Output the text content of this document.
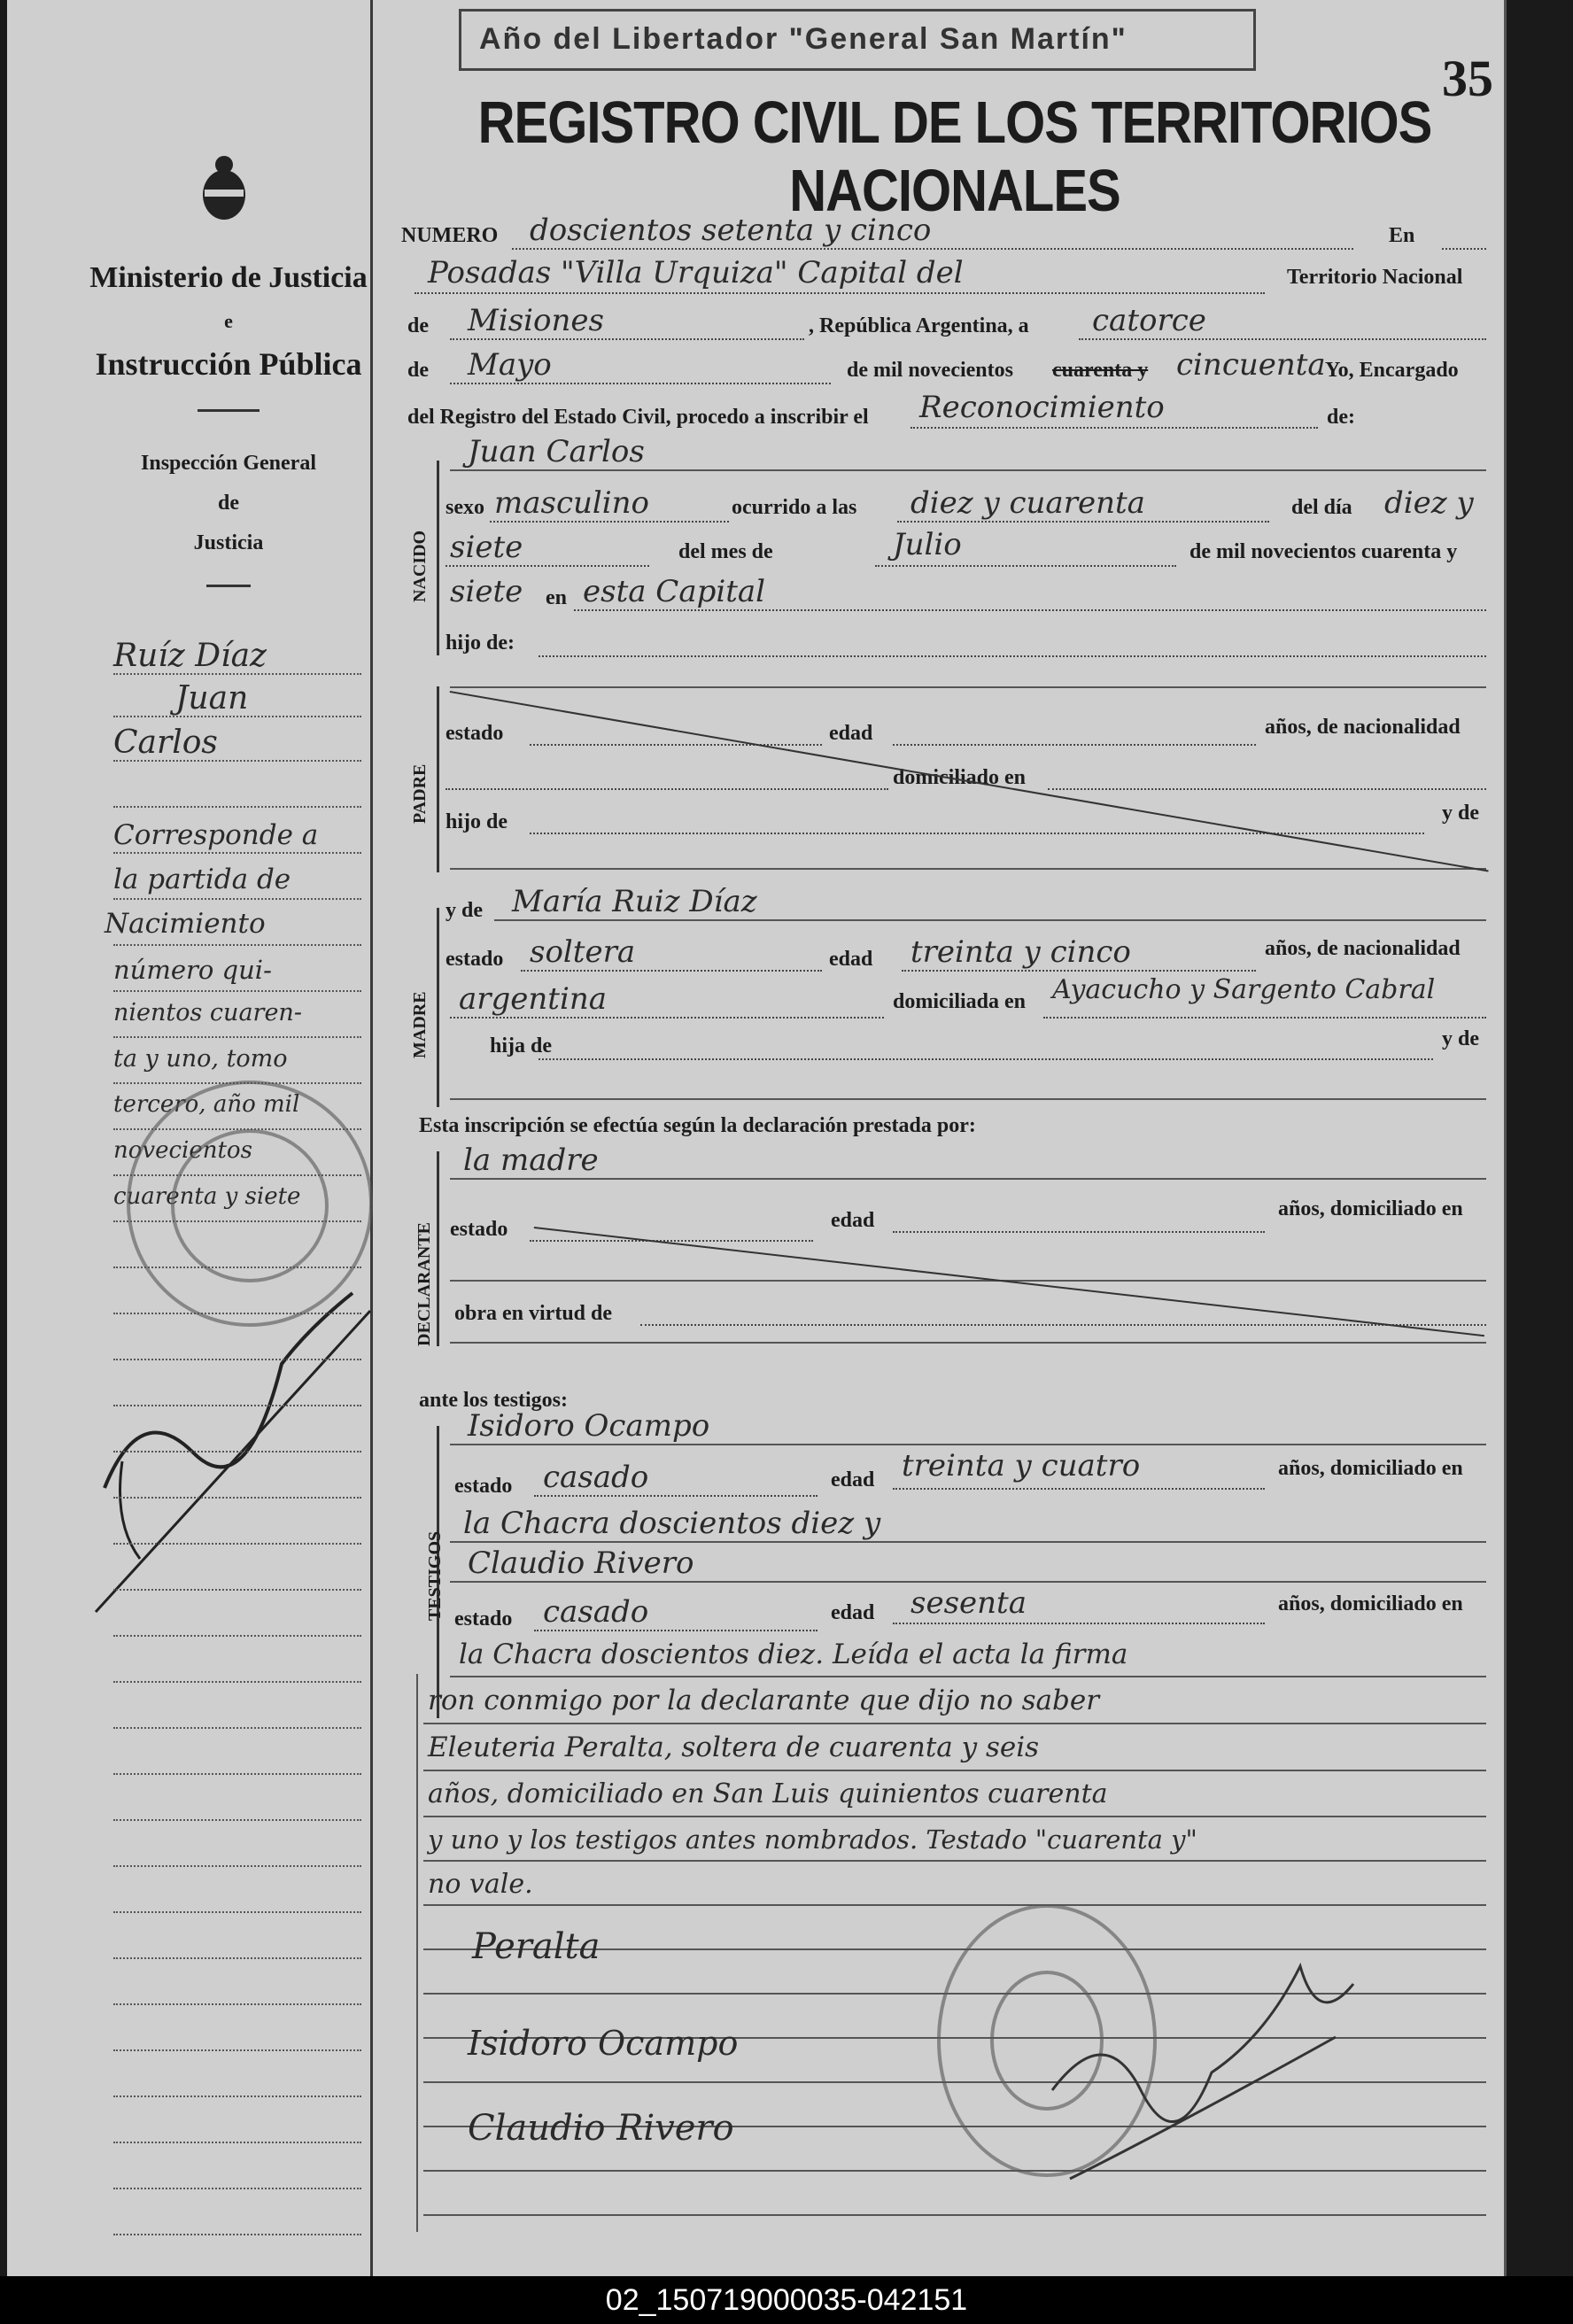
Ministerio de Justicia
e
Instrucción Pública
Inspección General
de
Justicia
Ruíz Díaz
Juan
Carlos
Corresponde a
la partida de
Nacimiento
número qui-
nientos cuaren-
ta y uno, tomo
tercero, año mil
novecientos
cuarenta y siete
Año del Libertador "General San Martín"
35
REGISTRO CIVIL DE LOS TERRITORIOS NACIONALES
NUMERO doscientos setenta y cinco	En
Posadas "Villa Urquiza" Capital del	Territorio Nacional
de Misiones	, República Argentina, a catorce
de Mayo	de mil novecientos cuarenta y cincuenta Yo, Encargado
del Registro del Estado Civil, procedo a inscribir el Reconocimiento	de:
NACIDO
Juan Carlos
sexo masculino	ocurrido a las diez y cuarenta	del día diez y
siete	del mes de	Julio	de mil novecientos cuarenta y
siete en esta Capital
hijo de:
PADRE
estado	edad	años, de nacionalidad
domiciliado en
hijo de	y de
MADRE
y de María Ruiz Díaz
estado soltera	edad treinta y cinco	años, de nacionalidad
argentina	domiciliada en Ayacucho y Sargento Cabral
hija de	y de
Esta inscripción se efectúa según la declaración prestada por:
DECLARANTE
la madre
estado	edad	años, domiciliado en
obra en virtud de
ante los testigos:
TESTIGOS
Isidoro Ocampo
estado casado	edad treinta y cuatro	años, domiciliado en
la Chacra doscientos diez y
Claudio Rivero
estado casado	edad sesenta	años, domiciliado en
la Chacra doscientos diez. Leída el acta la firma
ron conmigo por la declarante que dijo no saber
Eleuteria Peralta, soltera de cuarenta y seis
años, domiciliado en San Luis quinientos cuarenta
y uno y los testigos antes nombrados. Testado "cuarenta y"
no vale.
Peralta
Isidoro Ocampo
Claudio Rivero
02_150719000035-042151
